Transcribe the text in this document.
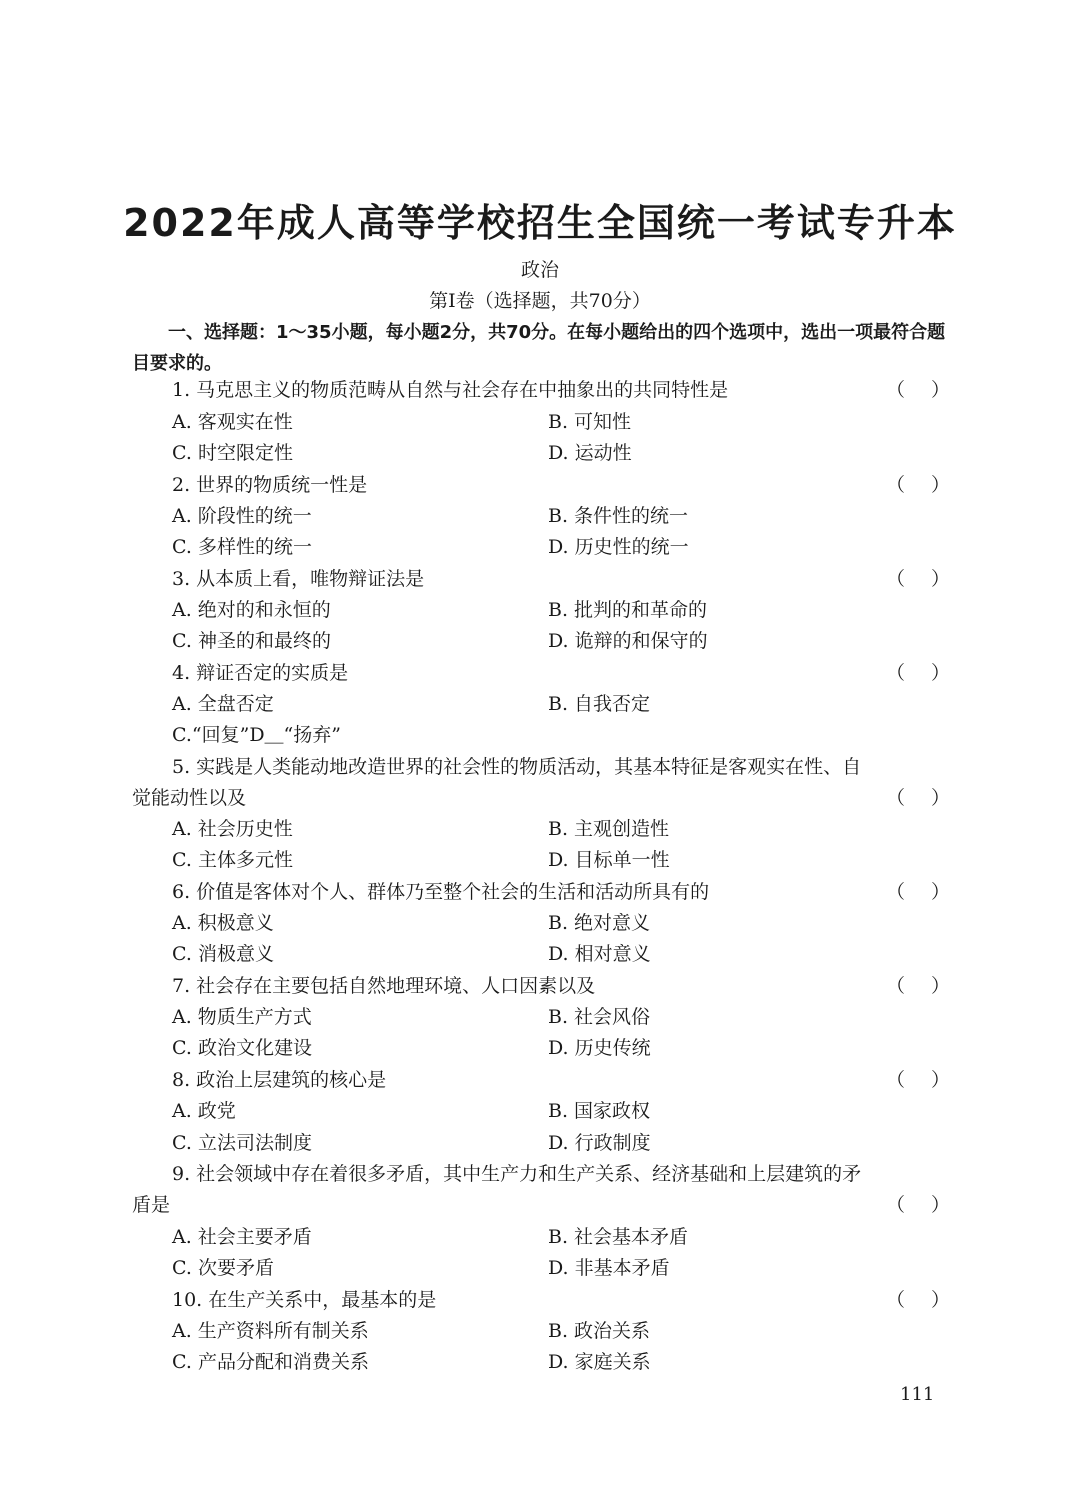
2022年成人高等学校招生全国统一考试专升本
政治
第Ⅰ卷（选择题，共70分）

一、选择题：1～35小题，每小题2分，共70分。在每小题给出的四个选项中，选出一项最符合题目要求的。

1. 马克思主义的物质范畴从自然与社会存在中抽象出的共同特性是	（ ）
A. 客观实在性	B. 可知性
C. 时空限定性	D. 运动性
2. 世界的物质统一性是	（ ）
A. 阶段性的统一	B. 条件性的统一
C. 多样性的统一	D. 历史性的统一
3. 从本质上看，唯物辩证法是	（ ）
A. 绝对的和永恒的	B. 批判的和革命的
C. 神圣的和最终的	D. 诡辩的和保守的
4. 辩证否定的实质是	（ ）
A. 全盘否定	B. 自我否定
C.“回复”D＿“扬弃”
5. 实践是人类能动地改造世界的社会性的物质活动，其基本特征是客观实在性、自
觉能动性以及	（ ）
A. 社会历史性	B. 主观创造性
C. 主体多元性	D. 目标单一性
6. 价值是客体对个人、群体乃至整个社会的生活和活动所具有的	（ ）
A. 积极意义	B. 绝对意义
C. 消极意义	D. 相对意义
7. 社会存在主要包括自然地理环境、人口因素以及	（ ）
A. 物质生产方式	B. 社会风俗
C. 政治文化建设	D. 历史传统
8. 政治上层建筑的核心是	（ ）
A. 政党	B. 国家政权
C. 立法司法制度	D. 行政制度
9. 社会领域中存在着很多矛盾，其中生产力和生产关系、经济基础和上层建筑的矛
盾是	（ ）
A. 社会主要矛盾	B. 社会基本矛盾
C. 次要矛盾	D. 非基本矛盾
10. 在生产关系中，最基本的是	（ ）
A. 生产资料所有制关系	B. 政治关系
C. 产品分配和消费关系	D. 家庭关系
111
